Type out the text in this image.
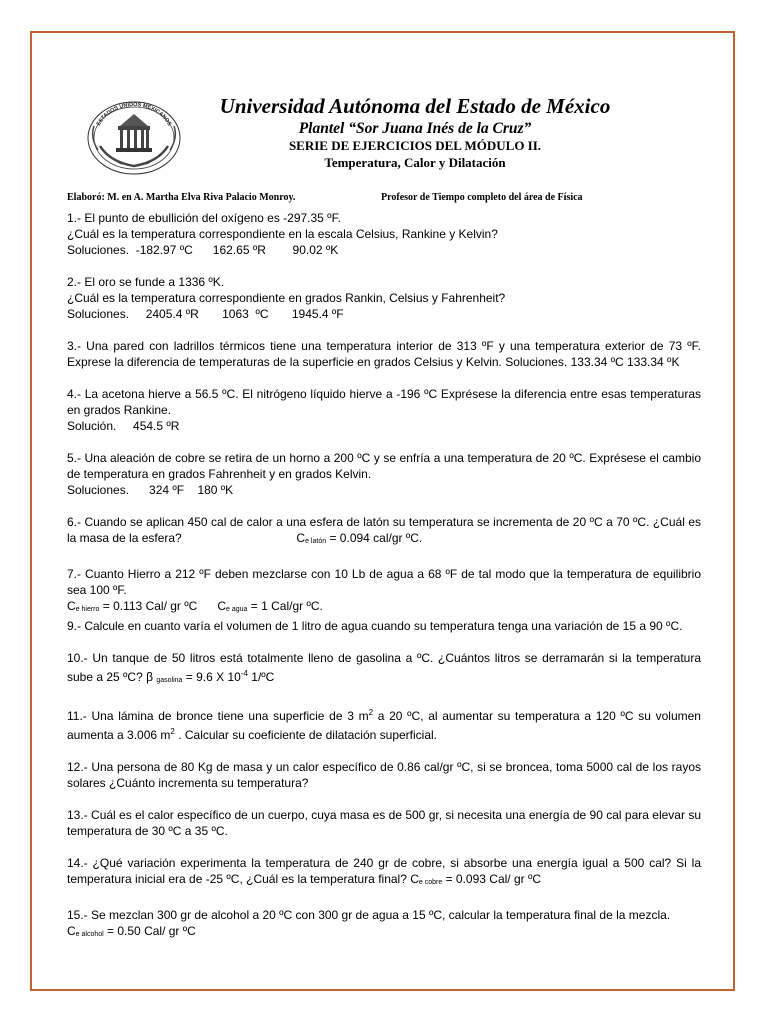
ESTADOS UNIDOS MEXICANOS
Universidad Autónoma del Estado de México
Plantel “Sor Juana Inés de la Cruz”
SERIE DE EJERCICIOS DEL MÓDULO II.
Temperatura, Calor y Dilatación
Elaboró: M. en A. Martha Elva Riva Palacio Monroy.	Profesor de Tiempo completo del área de Física
1.- El punto de ebullición del oxígeno es -297.35 ºF.
¿Cuál es la temperatura correspondiente en la escala Celsius, Rankine y Kelvin?
Soluciones.  -182.97 ºC      162.65 ºR        90.02 ºK
2.- El oro se funde a 1336 ºK.
¿Cuál es la temperatura correspondiente en grados Rankin, Celsius y Fahrenheit?
Soluciones.     2405.4 ºR       1063  ºC       1945.4 ºF
3.- Una pared con ladrillos térmicos tiene una temperatura interior de 313 ºF y una temperatura exterior de 73 ºF. Exprese la diferencia de temperaturas de la superficie en grados Celsius y Kelvin. Soluciones. 133.34 ºC 133.34 ºK
4.- La acetona hierve a 56.5 ºC. El nitrógeno líquido hierve a -196 ºC Exprésese la diferencia entre esas temperaturas en grados Rankine.
Solución.     454.5 ºR
5.- Una aleación de cobre se retira de un horno a 200 ºC y se enfría a una temperatura de 20 ºC. Exprésese el cambio de temperatura en grados Fahrenheit y en grados Kelvin.
Soluciones.      324 ºF    180 ºK
6.- Cuando se aplican 450 cal de calor a una esfera de latón su temperatura se incrementa de 20 ºC a 70 ºC. ¿Cuál es la masa de la esfera?	$C_{e latón} = 0.094$ cal/gr ºC.
7.- Cuanto Hierro a 212 ºF deben mezclarse con 10 Lb de agua a 68 ºF de tal modo que la temperatura de equilibrio sea 100 ºF.
$C_{e hierro} = 0.113$ Cal/ gr ºC $C_{e agua} = 1$ Cal/gr ºC.
9.- Calcule en cuanto varía el volumen de 1 litro de agua cuando su temperatura tenga una variación de 15 a 90 ºC.
10.- Un tanque de 50 litros está totalmente lleno de gasolina a ºC. ¿Cuántos litros se derramarán si la temperatura sube a 25 ºC? β $_{gasolina}$ = 9.6 X $10^{-4}$ 1/ºC
11.- Una lámina de bronce tiene una superficie de 3 $m^2$ a 20 ºC, al aumentar su temperatura a 120 ºC su volumen aumenta a 3.006 $m^2$ . Calcular su coeficiente de dilatación superficial.
12.- Una persona de 80 Kg de masa y un calor específico de 0.86 cal/gr ºC, si se broncea, toma 5000 cal de los rayos solares ¿Cuánto incrementa su temperatura?
13.- Cuál es el calor específico de un cuerpo, cuya masa es de 500 gr, si necesita una energía de 90 cal para elevar su temperatura de 30 ºC a 35 ºC.
14.- ¿Qué variación experimenta la temperatura de 240 gr de cobre, si absorbe una energía igual a 500 cal? Si la temperatura inicial era de -25 ºC, ¿Cuál es la temperatura final? $C_{e cobre} = 0.093$ Cal/ gr ºC
15.- Se mezclan 300 gr de alcohol a 20 ºC con 300 gr de agua a 15 ºC, calcular la temperatura final de la mezcla.
$C_{e alcohol} = 0.50$ Cal/ gr ºC
